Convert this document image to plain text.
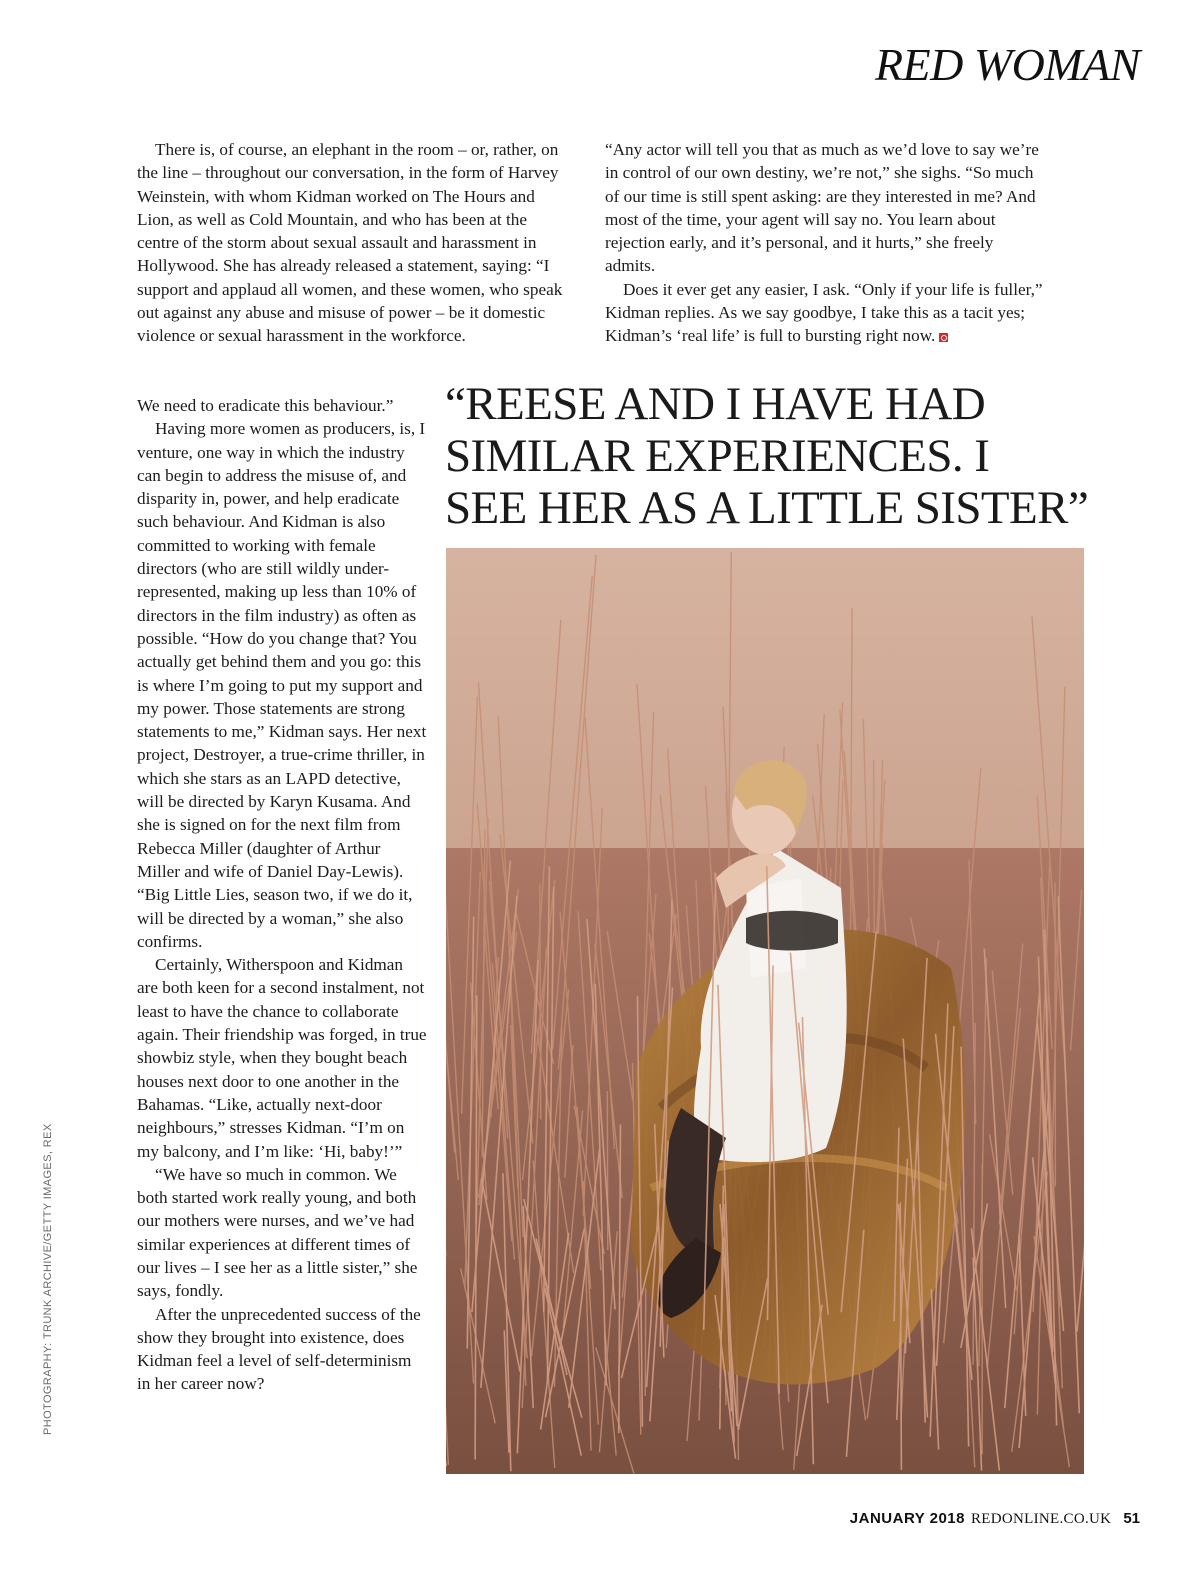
RED WOMAN

There is, of course, an elephant in the room – or, rather, on the line – throughout our conversation, in the form of Harvey Weinstein, with whom Kidman worked on The Hours and Lion, as well as Cold Mountain, and who has been at the centre of the storm about sexual assault and harassment in Hollywood. She has already released a statement, saying: “I support and applaud all women, and these women, who speak out against any abuse and misuse of power – be it domestic violence or sexual harassment in the workforce.

We need to eradicate this behaviour.”

Having more women as producers, is, I venture, one way in which the industry can begin to address the misuse of, and disparity in, power, and help eradicate such behaviour. And Kidman is also committed to working with female directors (who are still wildly under-represented, making up less than 10% of directors in the film industry) as often as possible. “How do you change that? You actually get behind them and you go: this is where I’m going to put my support and my power. Those statements are strong statements to me,” Kidman says. Her next project, Destroyer, a true-crime thriller, in which she stars as an LAPD detective, will be directed by Karyn Kusama. And she is signed on for the next film from Rebecca Miller (daughter of Arthur Miller and wife of Daniel Day-Lewis). “Big Little Lies, season two, if we do it, will be directed by a woman,” she also confirms.

Certainly, Witherspoon and Kidman are both keen for a second instalment, not least to have the chance to collaborate again. Their friendship was forged, in true showbiz style, when they bought beach houses next door to one another in the Bahamas. “Like, actually next-door neighbours,” stresses Kidman. “I’m on my balcony, and I’m like: ‘Hi, baby!’”

“We have so much in common. We both started work really young, and both our mothers were nurses, and we’ve had similar experiences at different times of our lives – I see her as a little sister,” she says, fondly.

After the unprecedented success of the show they brought into existence, does Kidman feel a level of self-determinism in her career now?

“Any actor will tell you that as much as we’d love to say we’re in control of our own destiny, we’re not,” she sighs. “So much of our time is still spent asking: are they interested in me? And most of the time, your agent will say no. You learn about rejection early, and it’s personal, and it hurts,” she freely admits.

Does it ever get any easier, I ask. “Only if your life is fuller,” Kidman replies. As we say goodbye, I take this as a tacit yes; Kidman’s ‘real life’ is full to bursting right now.

“REESE AND I HAVE HAD
SIMILAR EXPERIENCES. I
SEE HER AS A LITTLE SISTER”
PHOTOGRAPHY: TRUNK ARCHIVE/GETTY IMAGES, REX
JANUARY 2018 REDONLINE.CO.UK 51
